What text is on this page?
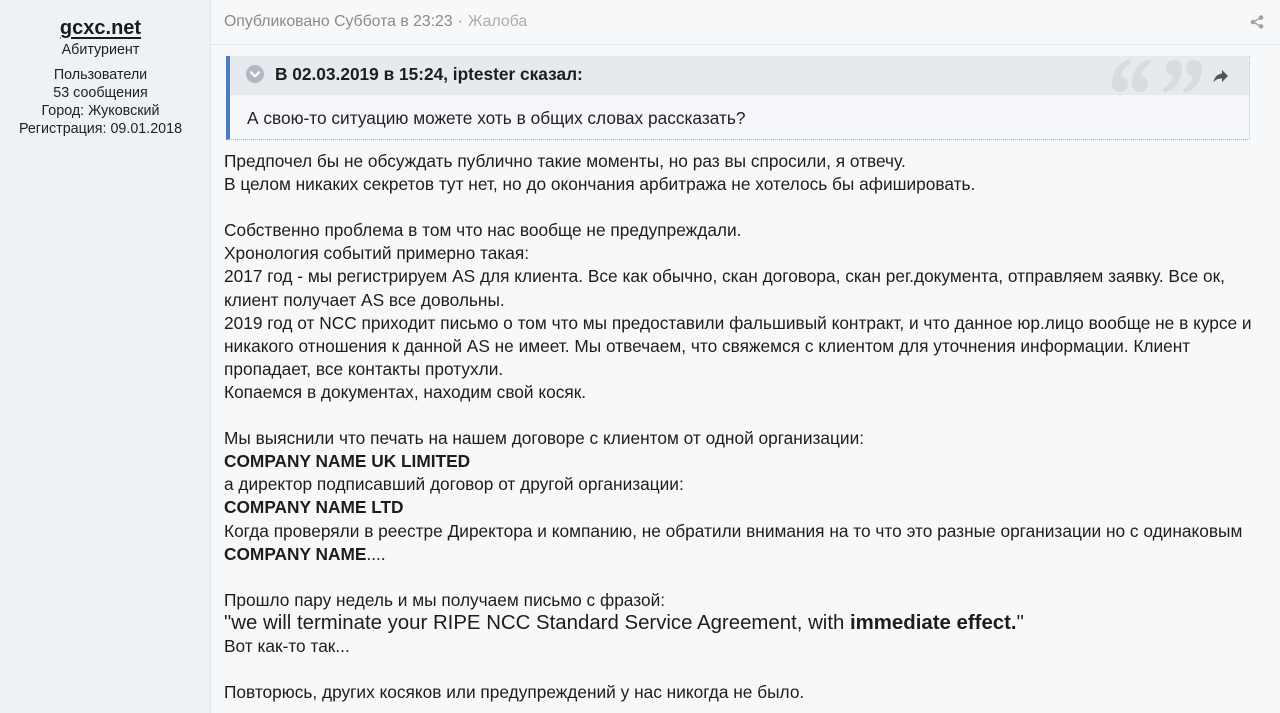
gcxc.net
Абитуриент
Пользователи
53 сообщения
Город: Жуковский
Регистрация: 09.01.2018
Опубликовано Суббота в 23:23 · Жалоба
В 02.03.2019 в 15:24, iptester сказал:
А свою-то ситуацию можете хоть в общих словах рассказать?
Предпочел бы не обсуждать публично такие моменты, но раз вы спросили, я отвечу.
В целом никаких секретов тут нет, но до окончания арбитража не хотелось бы афишировать.
Собственно проблема в том что нас вообще не предупреждали.
Хронология событий примерно такая:
2017 год - мы регистрируем AS для клиента. Все как обычно, скан договора, скан рег.документа, отправляем заявку. Все ок,
клиент получает AS все довольны.
2019 год от NCC приходит письмо о том что мы предоставили фальшивый контракт, и что данное юр.лицо вообще не в курсе и
никакого отношения к данной AS не имеет. Мы отвечаем, что свяжемся с клиентом для уточнения информации. Клиент
пропадает, все контакты протухли.
Копаемся в документах, находим свой косяк.
Мы выяснили что печать на нашем договоре с клиентом от одной организации:
COMPANY NAME UK LIMITED
а директор подписавший договор от другой организации:
COMPANY NAME LTD
Когда проверяли в реестре Директора и компанию, не обратили внимания на то что это разные организации но с одинаковым
COMPANY NAME....
Прошло пару недель и мы получаем письмо с фразой:
"we will terminate your RIPE NCC Standard Service Agreement, with immediate effect."
Вот как-то так...
Повторюсь, других косяков или предупреждений у нас никогда не было.
